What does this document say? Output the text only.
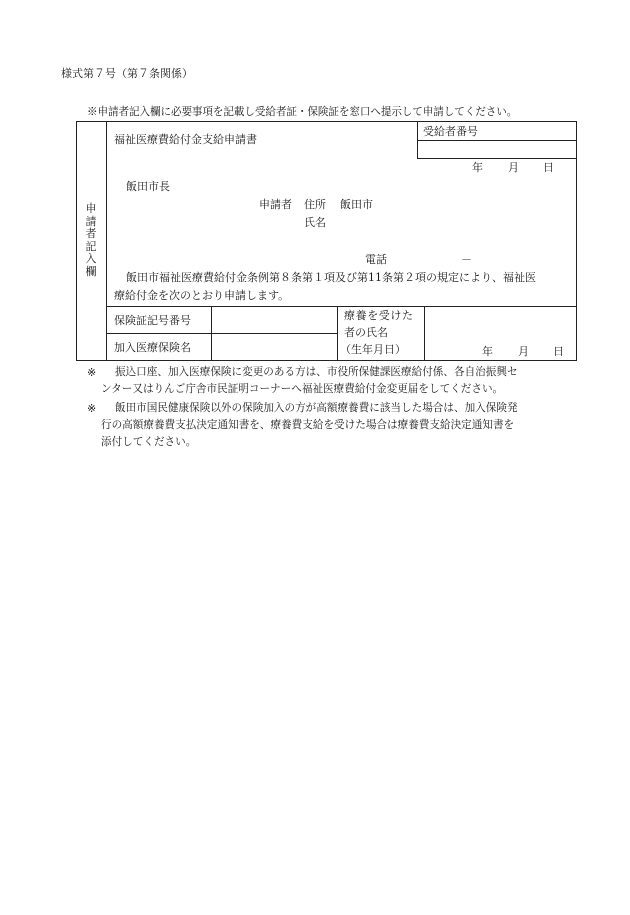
様式第７号（第７条関係）
※申請者記入欄に必要事項を記載し受給者証・保険証を窓口へ提示して申請してください。
申請者記入欄
福祉医療費給付金支給申請書
受給者番号
年 月 日
飯田市長
申請者 住所 飯田市
氏名
電話	－
飯田市福祉医療費給付金条例第８条第１項及び第11条第２項の規定により、福祉医
療給付金を次のとおり申請します。
保険証記号番号
加入医療保険名
療養を受けた
者の氏名
（生年月日）	年 月 日
※ 振込口座、加入医療保険に変更のある方は、市役所保健課医療給付係、各自治振興セ
ンター又はりんご庁舎市民証明コーナーへ福祉医療費給付金変更届をしてください。
※ 飯田市国民健康保険以外の保険加入の方が高額療養費に該当した場合は、加入保険発
行の高額療養費支払決定通知書を、療養費支給を受けた場合は療養費支給決定通知書を
添付してください。
